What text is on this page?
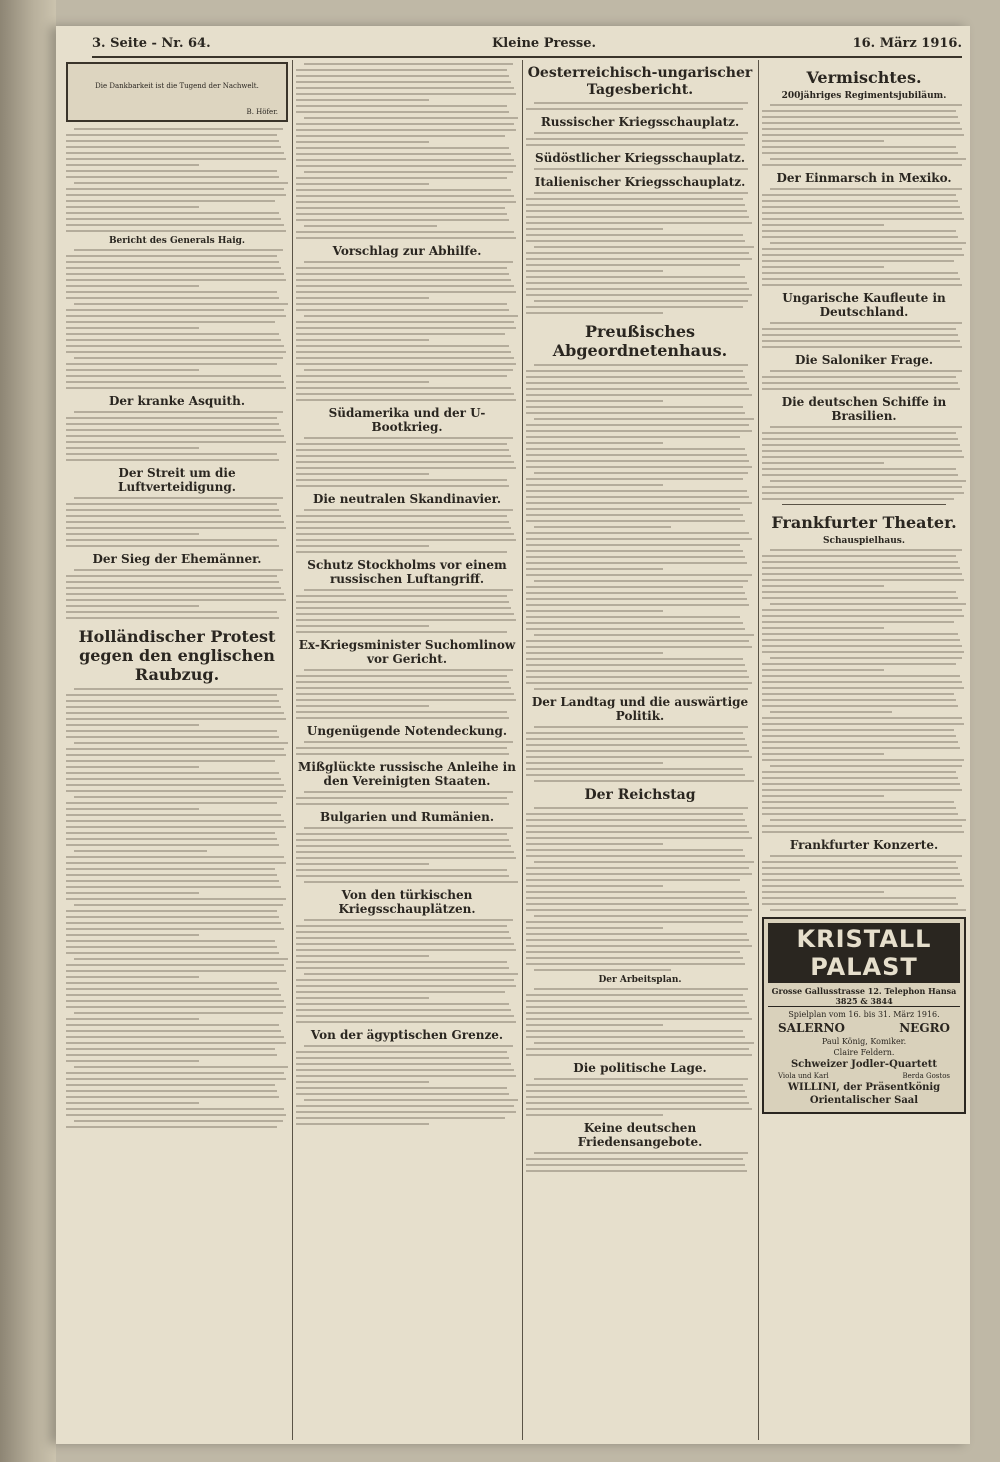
3. Seite - Nr. 64.	Kleine Presse.	16. März 1916.
Die Dankbarkeit ist die Tugend der Nachwelt.
B. Höfer.
Bericht des Generals Haig.
Der kranke Asquith.
Der Streit um die Luftverteidigung.
Der Sieg der Ehemänner.
Holländischer Protest gegen den englischen Raubzug.
Vorschlag zur Abhilfe.
Südamerika und der U-Bootkrieg.
Die neutralen Skandinavier.
Schutz Stockholms vor einem russischen Luftangriff.
Ex-Kriegsminister Suchomlinow vor Gericht.
Ungenügende Notendeckung.
Mißglückte russische Anleihe in den Vereinigten Staaten.
Bulgarien und Rumänien.
Von den türkischen Kriegsschauplätzen.
Von der ägyptischen Grenze.
Oesterreichisch-ungarischer Tagesbericht.
Russischer Kriegsschauplatz.
Südöstlicher Kriegsschauplatz.
Italienischer Kriegsschauplatz.
Preußisches Abgeordnetenhaus.
Der Landtag und die auswärtige Politik.
Der Reichstag
Der Arbeitsplan.
Die politische Lage.
Keine deutschen Friedensangebote.
Vermischtes.
200jähriges Regimentsjubiläum.
Der Einmarsch in Mexiko.
Ungarische Kaufleute in Deutschland.
Die Saloniker Frage.
Die deutschen Schiffe in Brasilien.
Frankfurter Theater.
Schauspielhaus.
Frankfurter Konzerte.
KRISTALL PALAST
Grosse Gallusstrasse 12. Telephon Hansa 3825 & 3844
Spielplan vom 16. bis 31. März 1916.
SALERNO	NEGRO
Paul König, Komiker.
Claire Feldern.
Schweizer Jodler-Quartett
Viola und Karl	Berda Gostos
WILLINI, der Präsentkönig
Orientalischer Saal
